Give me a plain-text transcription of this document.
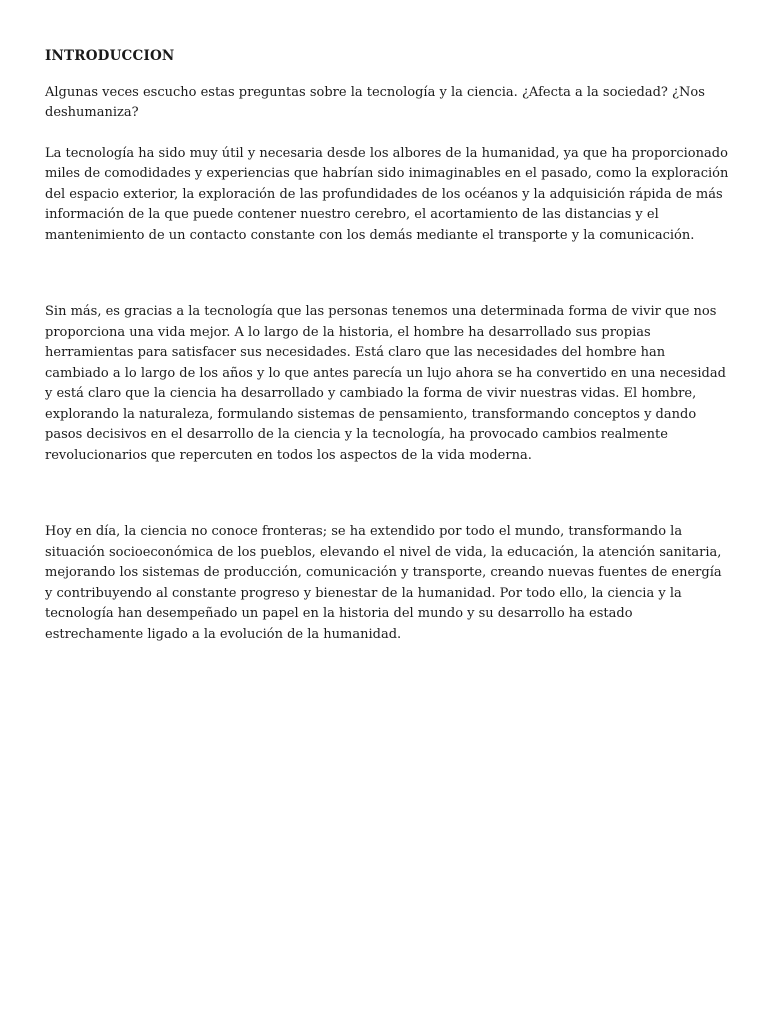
INTRODUCCION

Algunas veces escucho estas preguntas sobre la tecnología y la ciencia. ¿Afecta a la sociedad? ¿Nos deshumaniza?

La tecnología ha sido muy útil y necesaria desde los albores de la humanidad, ya que ha proporcionado miles de comodidades y experiencias que habrían sido inimaginables en el pasado, como la exploración del espacio exterior, la exploración de las profundidades de los océanos y la adquisición rápida de más información de la que puede contener nuestro cerebro, el acortamiento de las distancias y el mantenimiento de un contacto constante con los demás mediante el transporte y la comunicación.

Sin más, es gracias a la tecnología que las personas tenemos una determinada forma de vivir que nos proporciona una vida mejor. A lo largo de la historia, el hombre ha desarrollado sus propias herramientas para satisfacer sus necesidades. Está claro que las necesidades del hombre han cambiado a lo largo de los años y lo que antes parecía un lujo ahora se ha convertido en una necesidad y está claro que la ciencia ha desarrollado y cambiado la forma de vivir nuestras vidas. El hombre, explorando la naturaleza, formulando sistemas de pensamiento, transformando conceptos y dando pasos decisivos en el desarrollo de la ciencia y la tecnología, ha provocado cambios realmente revolucionarios que repercuten en todos los aspectos de la vida moderna.

Hoy en día, la ciencia no conoce fronteras; se ha extendido por todo el mundo, transformando la situación socioeconómica de los pueblos, elevando el nivel de vida, la educación, la atención sanitaria, mejorando los sistemas de producción, comunicación y transporte, creando nuevas fuentes de energía y contribuyendo al constante progreso y bienestar de la humanidad. Por todo ello, la ciencia y la tecnología han desempeñado un papel en la historia del mundo y su desarrollo ha estado estrechamente ligado a la evolución de la humanidad.
